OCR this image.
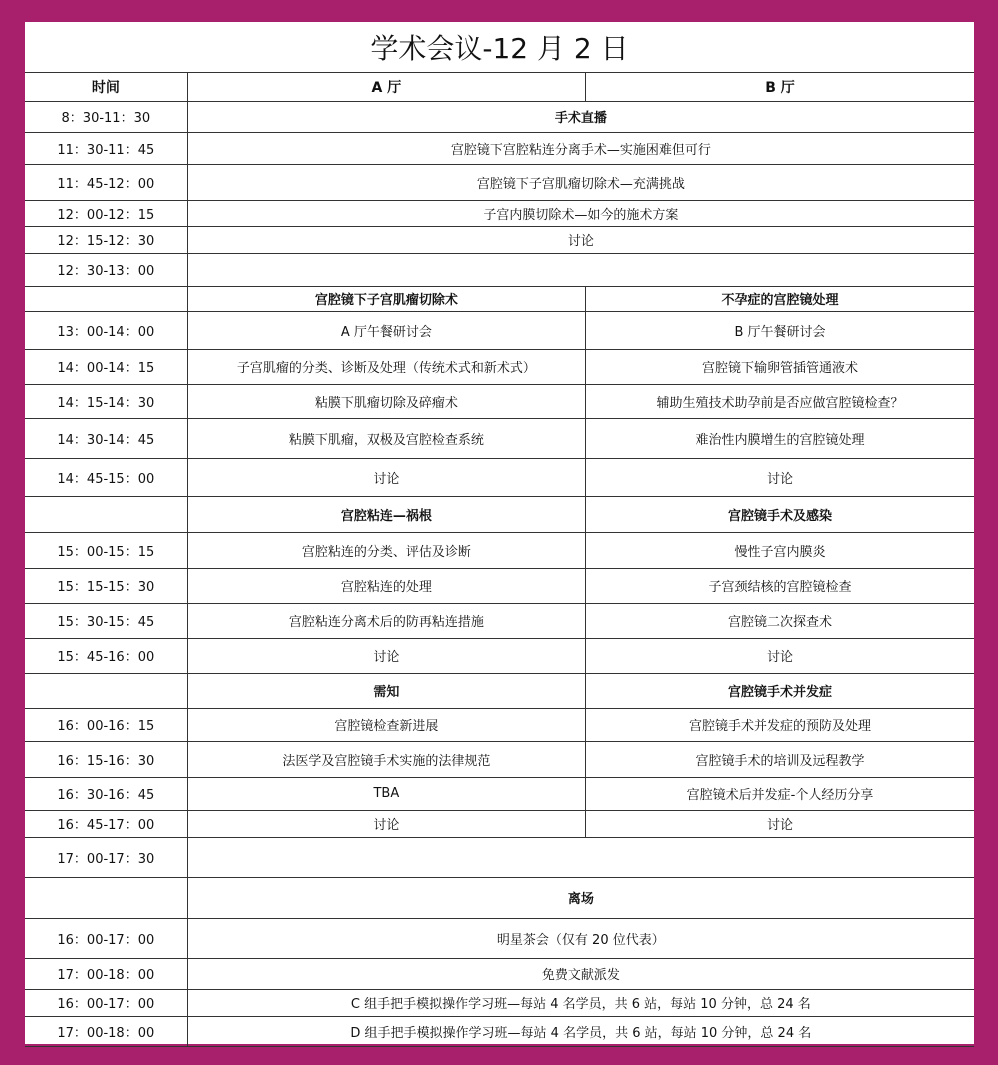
学术会议-12 月 2 日
时间	A 厅	B 厅
8：30-11：30	手术直播	
11：30-11：45	宫腔镜下宫腔粘连分离手术—实施困难但可行	
11：45-12：00	宫腔镜下子宫肌瘤切除术—充满挑战	
12：00-12：15	子宫内膜切除术—如今的施术方案	
12：15-12：30	讨论	
12：30-13：00		
	宫腔镜下子宫肌瘤切除术	不孕症的宫腔镜处理
13：00-14：00	A 厅午餐研讨会	B 厅午餐研讨会
14：00-14：15	子宫肌瘤的分类、诊断及处理（传统术式和新术式）	宫腔镜下输卵管插管通液术
14：15-14：30	粘膜下肌瘤切除及碎瘤术	辅助生殖技术助孕前是否应做宫腔镜检查？
14：30-14：45	粘膜下肌瘤，双极及宫腔检查系统	难治性内膜增生的宫腔镜处理
14：45-15：00	讨论	讨论
	宫腔粘连—祸根	宫腔镜手术及感染
15：00-15：15	宫腔粘连的分类、评估及诊断	慢性子宫内膜炎
15：15-15：30	宫腔粘连的处理	子宫颈结核的宫腔镜检查
15：30-15：45	宫腔粘连分离术后的防再粘连措施	宫腔镜二次探查术
15：45-16：00	讨论	讨论
	需知	宫腔镜手术并发症
16：00-16：15	宫腔镜检查新进展	宫腔镜手术并发症的预防及处理
16：15-16：30	法医学及宫腔镜手术实施的法律规范	宫腔镜手术的培训及远程教学
16：30-16：45	TBA	宫腔镜术后并发症-个人经历分享
16：45-17：00	讨论	讨论
17：00-17：30		
	离场	
16：00-17：00	明星茶会（仅有 20 位代表）	
17：00-18：00	免费文献派发	
16：00-17：00	C 组手把手模拟操作学习班—每站 4 名学员，共 6 站，每站 10 分钟，总 24 名	
17：00-18：00	D 组手把手模拟操作学习班—每站 4 名学员，共 6 站，每站 10 分钟，总 24 名	
